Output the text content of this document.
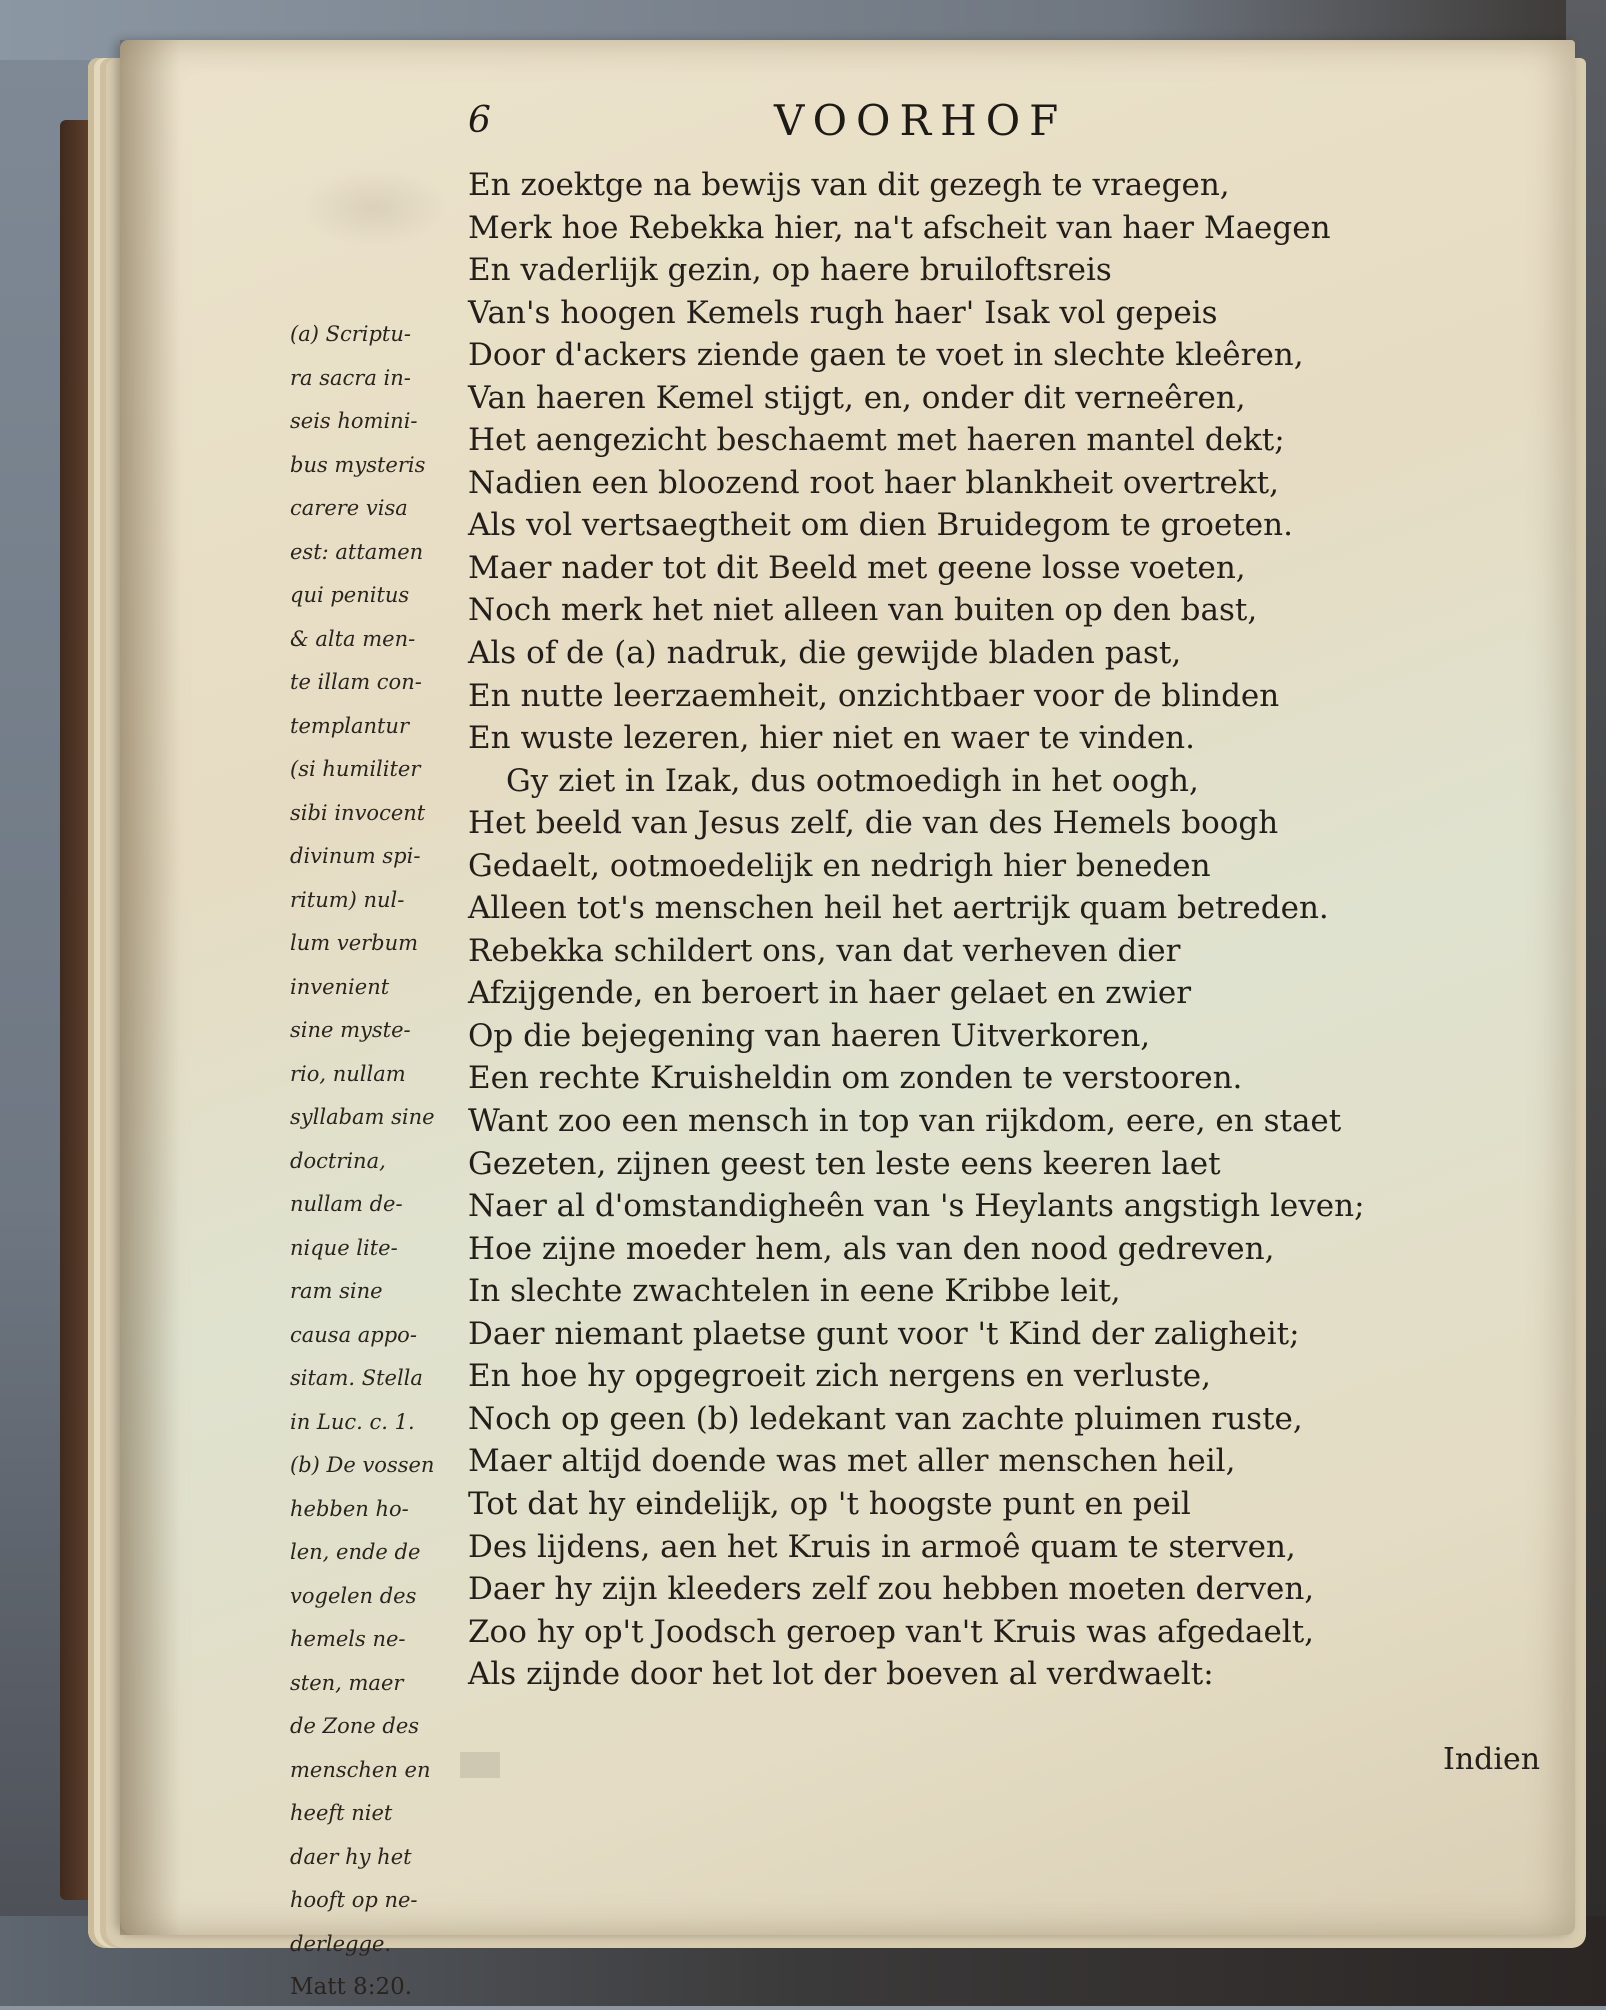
6	VOORHOF
En zoektge na bewijs van dit gezegh te vraegen,
Merk hoe Rebekka hier, na't afscheit van haer Maegen
En vaderlijk gezin, op haere bruiloftsreis
Van's hoogen Kemels rugh haer' Isak vol gepeis
Door d'ackers ziende gaen te voet in slechte kleêren,
Van haeren Kemel stijgt, en, onder dit verneêren,
Het aengezicht beschaemt met haeren mantel dekt;
Nadien een bloozend root haer blankheit overtrekt,
Als vol vertsaegtheit om dien Bruidegom te groeten.
Maer nader tot dit Beeld met geene losse voeten,
Noch merk het niet alleen van buiten op den bast,
Als of de (a) nadruk, die gewijde bladen past,
En nutte leerzaemheit, onzichtbaer voor de blinden
En wuste lezeren, hier niet en waer te vinden.
Gy ziet in Izak, dus ootmoedigh in het oogh,
Het beeld van Jesus zelf, die van des Hemels boogh
Gedaelt, ootmoedelijk en nedrigh hier beneden
Alleen tot's menschen heil het aertrijk quam betreden.
Rebekka schildert ons, van dat verheven dier
Afzijgende, en beroert in haer gelaet en zwier
Op die bejegening van haeren Uitverkoren,
Een rechte Kruisheldin om zonden te verstooren.
Want zoo een mensch in top van rijkdom, eere, en staet
Gezeten, zijnen geest ten leste eens keeren laet
Naer al d'omstandigheên van 's Heylants angstigh leven;
Hoe zijne moeder hem, als van den nood gedreven,
In slechte zwachtelen in eene Kribbe leit,
Daer niemant plaetse gunt voor 't Kind der zaligheit;
En hoe hy opgegroeit zich nergens en verluste,
Noch op geen (b) ledekant van zachte pluimen ruste,
Maer altijd doende was met aller menschen heil,
Tot dat hy eindelijk, op 't hoogste punt en peil
Des lijdens, aen het Kruis in armoê quam te sterven,
Daer hy zijn kleeders zelf zou hebben moeten derven,
Zoo hy op't Joodsch geroep van't Kruis was afgedaelt,
Als zijnde door het lot der boeven al verdwaelt:
(a) Scriptu-
ra sacra in-
seis homini-
bus mysteris
carere visa
est: attamen
qui penitus
& alta men-
te illam con-
templantur
(si humiliter
sibi invocent
divinum spi-
ritum) nul-
lum verbum
invenient
sine myste-
rio, nullam
syllabam sine
doctrina,
nullam de-
nique lite-
ram sine
causa appo-
sitam. Stella
in Luc. c. 1.
(b) De vossen
hebben ho-
len, ende de
vogelen des
hemels ne-
sten, maer
de Zone des
menschen en
heeft niet
daer hy het
hooft op ne-
derlegge.
Matt 8:20.
Indien
